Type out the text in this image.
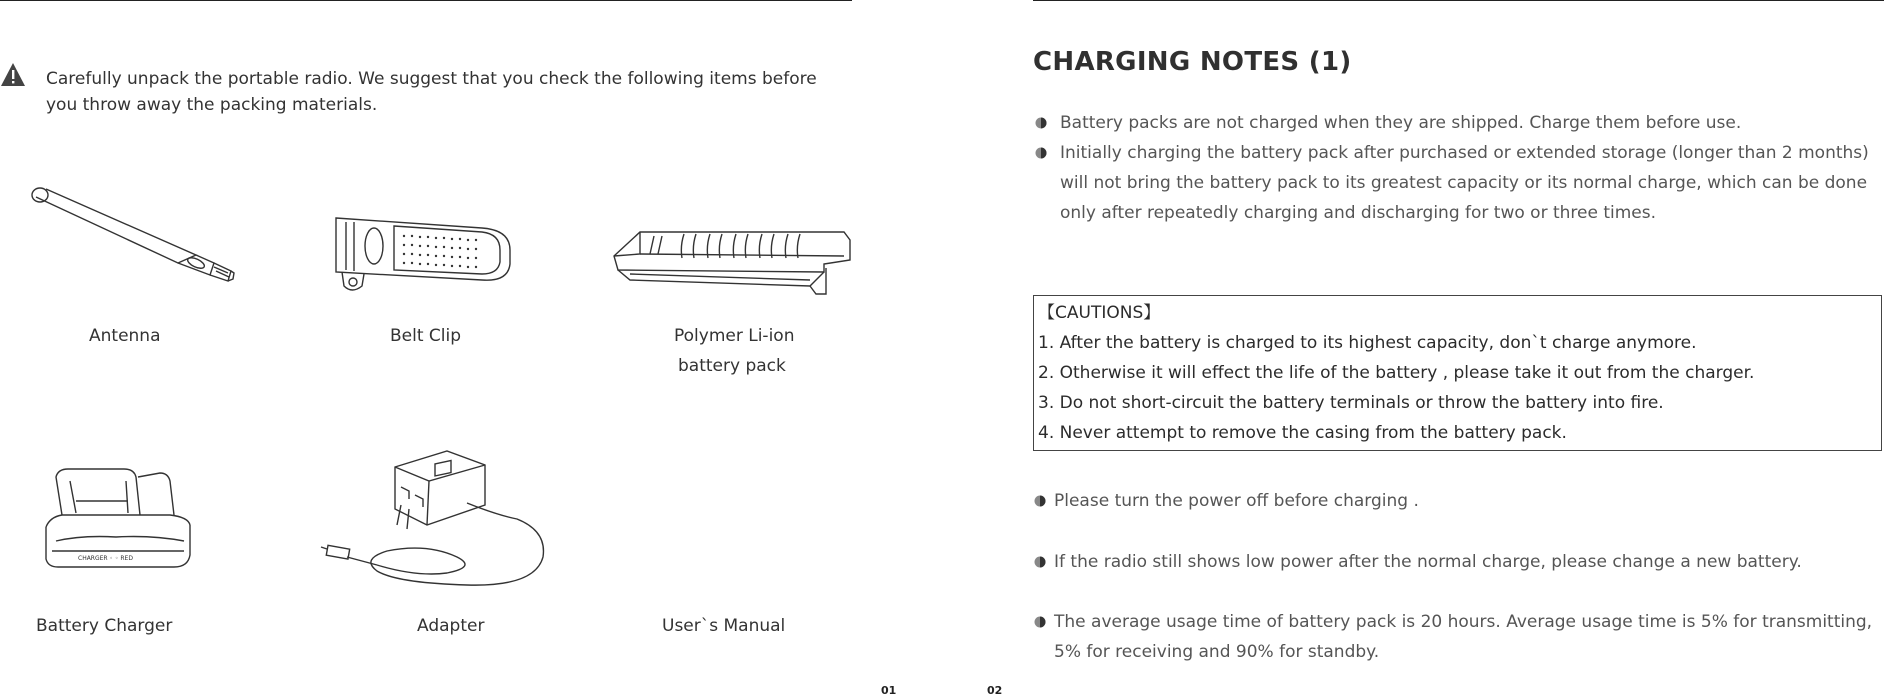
Carefully unpack the portable radio. We suggest that you check the following items before you throw away the packing materials.
Antenna	Belt Clip	Polymer Li-ion
battery pack
CHARGER ◦ ◦ RED
Battery Charger	Adapter	User`s Manual
01	02
CHARGING NOTES (1)
Battery packs are not charged when they are shipped. Charge them before use.
Initially charging the battery pack after purchased or extended storage (longer than 2 months) will not bring the battery pack to its greatest capacity or its normal charge, which can be done only after repeatedly charging and discharging for two or three times.
【CAUTIONS】
1. After the battery is charged to its highest capacity, don`t charge anymore.
2. Otherwise it will effect the life of the battery , please take it out from the charger.
3. Do not short-circuit the battery terminals or throw the battery into fire.
4. Never attempt to remove the casing from the battery pack.
Please turn the power off before charging .
If the radio still shows low power after the normal charge, please change a new battery.
The average usage time of battery pack is 20 hours. Average usage time is 5% for transmitting, 5% for receiving and 90% for standby.
